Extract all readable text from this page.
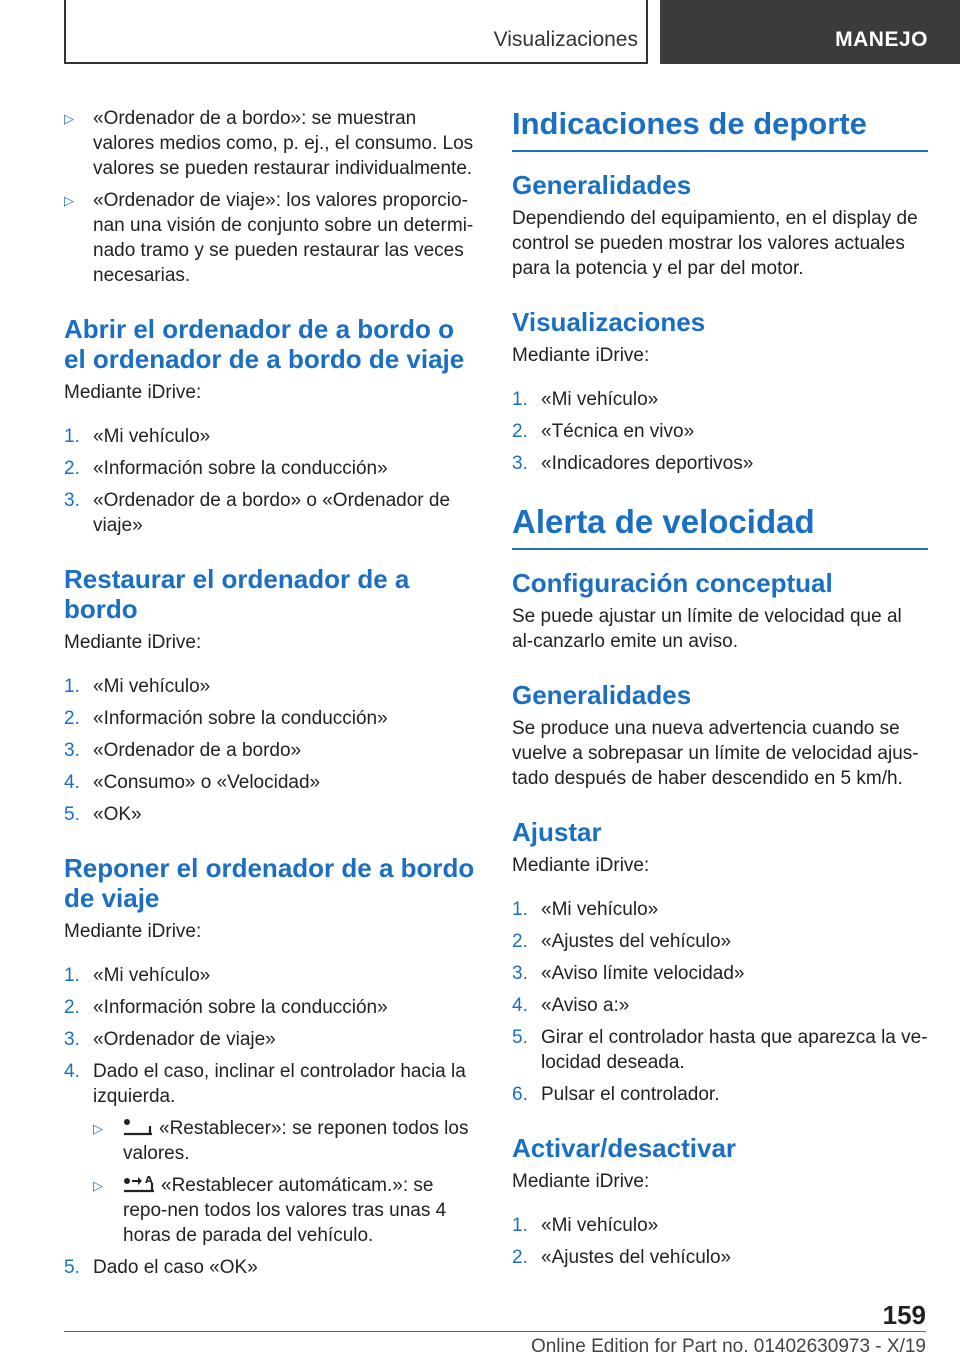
Visualizaciones	MANEJO
▷ «Ordenador de a bordo»: se muestran valores medios como, p. ej., el consumo. Los valores se pueden restaurar individualmente.
▷ «Ordenador de viaje»: los valores proporcio‐nan una visión de conjunto sobre un determi‐nado tramo y se pueden restaurar las veces necesarias.
Abrir el ordenador de a bordo o el ordenador de a bordo de viaje

Mediante iDrive:

1. «Mi vehículo»
2. «Información sobre la conducción»
3. «Ordenador de a bordo» o «Ordenador de viaje»
Restaurar el ordenador de a bordo

Mediante iDrive:

1. «Mi vehículo»
2. «Información sobre la conducción»
3. «Ordenador de a bordo»
4. «Consumo» o «Velocidad»
5. «OK»
Reponer el ordenador de a bordo de viaje

Mediante iDrive:

1. «Mi vehículo»
2. «Información sobre la conducción»
3. «Ordenador de viaje»
4. Dado el caso, inclinar el controlador hacia la izquierda.
▷	«Restablecer»: se reponen todos los valores.
▷	A «Restablecer automáticam.»: se repo‐nen todos los valores tras unas 4 horas de parada del vehículo.
5. Dado el caso «OK»
Indicaciones de deporte
Generalidades

Dependiendo del equipamiento, en el display de control se pueden mostrar los valores actuales para la potencia y el par del motor.

Visualizaciones

Mediante iDrive:

1. «Mi vehículo»
2. «Técnica en vivo»
3. «Indicadores deportivos»
Alerta de velocidad
Configuración conceptual

Se puede ajustar un límite de velocidad que al al‐canzarlo emite un aviso.

Generalidades

Se produce una nueva advertencia cuando se vuelve a sobrepasar un límite de velocidad ajus‐tado después de haber descendido en 5 km/h.

Ajustar

Mediante iDrive:

1. «Mi vehículo»
2. «Ajustes del vehículo»
3. «Aviso límite velocidad»
4. «Aviso a:»
5. Girar el controlador hasta que aparezca la ve‐locidad deseada.
6. Pulsar el controlador.
Activar/desactivar

Mediante iDrive:

1. «Mi vehículo»
2. «Ajustes del vehículo»
159
Online Edition for Part no. 01402630973 - X/19
